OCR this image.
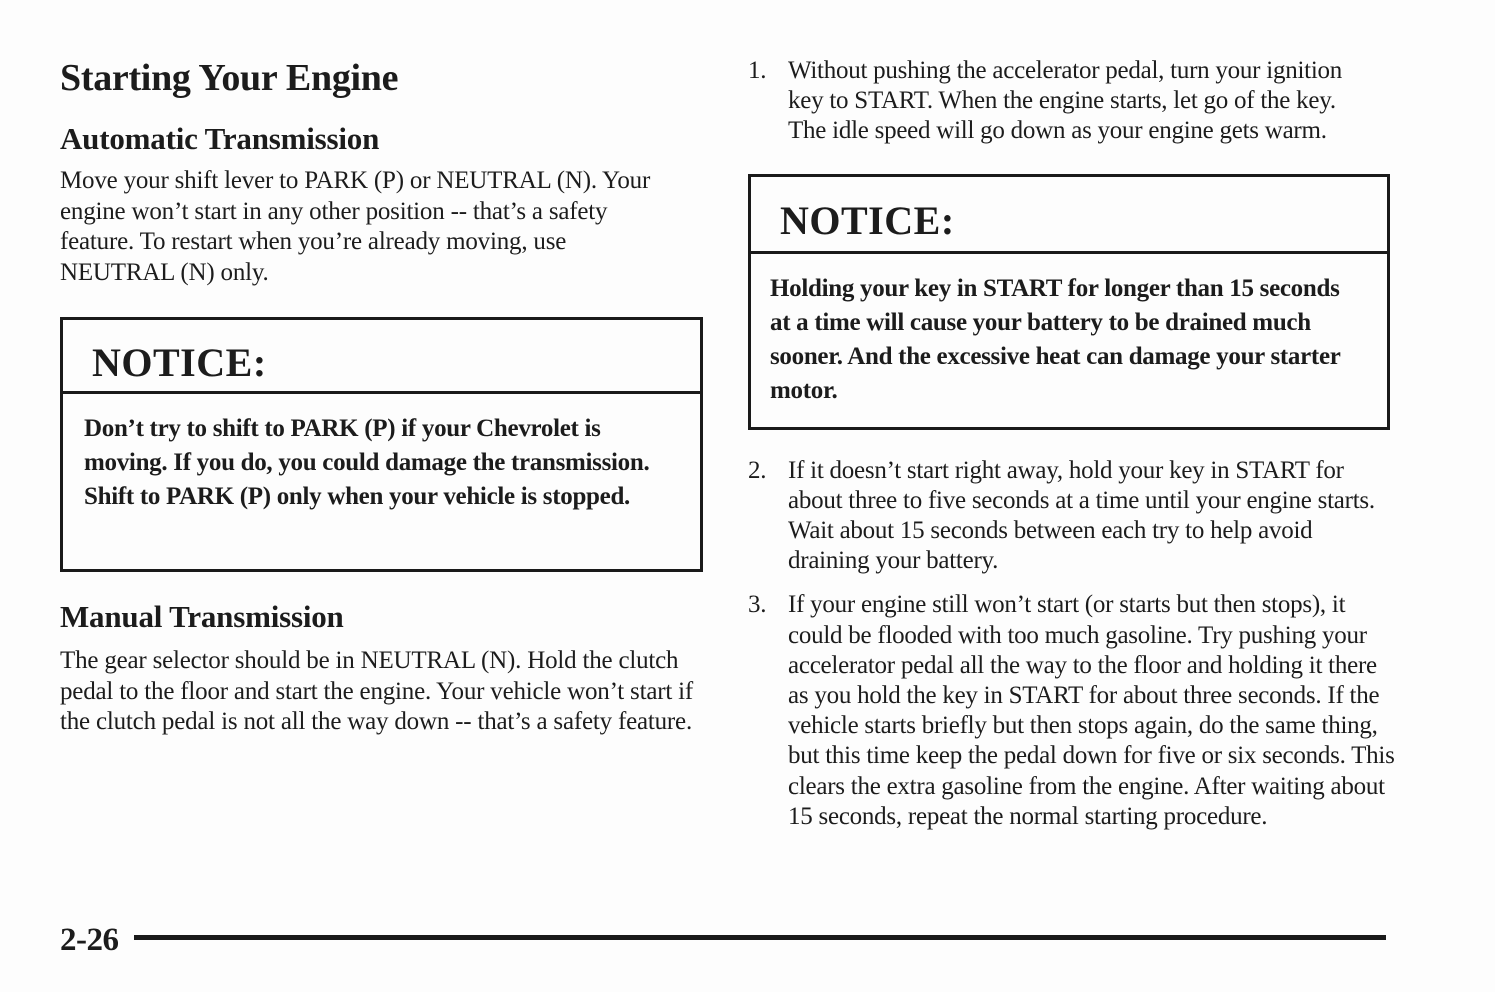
Starting Your Engine
Automatic Transmission

Move your shift lever to PARK (P) or NEUTRAL (N). Your engine won’t start in any other position -- that’s a safety feature. To restart when you’re already moving, use NEUTRAL (N) only.

NOTICE:
Don’t try to shift to PARK (P) if your Chevrolet is moving. If you do, you could damage the transmission. Shift to PARK (P) only when your vehicle is stopped.
Manual Transmission

The gear selector should be in NEUTRAL (N). Hold the clutch pedal to the floor and start the engine. Your vehicle won’t start if the clutch pedal is not all the way down -- that’s a safety feature.

1. Without pushing the accelerator pedal, turn your ignition key to START. When the engine starts, let go of the key. The idle speed will go down as your engine gets warm.
NOTICE:
Holding your key in START for longer than 15 seconds at a time will cause your battery to be drained much sooner. And the excessive heat can damage your starter motor.
2. If it doesn’t start right away, hold your key in START for about three to five seconds at a time until your engine starts. Wait about 15 seconds between each try to help avoid draining your battery.
3. If your engine still won’t start (or starts but then stops), it could be flooded with too much gasoline. Try pushing your accelerator pedal all the way to the floor and holding it there as you hold the key in START for about three seconds. If the vehicle starts briefly but then stops again, do the same thing, but this time keep the pedal down for five or six seconds. This clears the extra gasoline from the engine. After waiting about 15 seconds, repeat the normal starting procedure.
2-26
